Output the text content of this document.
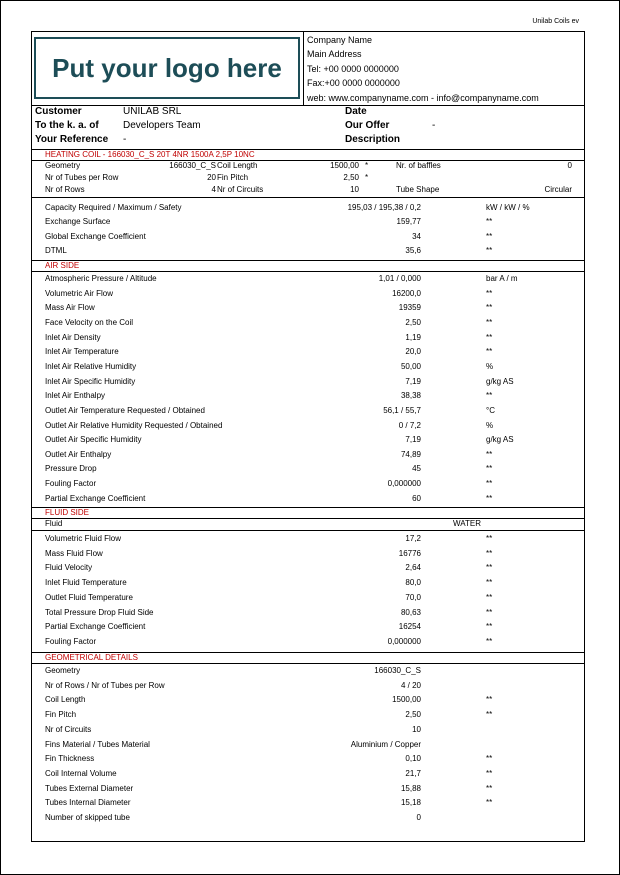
Unilab Coils ev
Put your logo here
Company Name
Main Address
Tel: +00 0000 0000000
Fax:+00 0000 0000000
web: www.companyname.com - info@companyname.com
Customer	UNILAB SRL
To the k. a. of Developers Team
Your Reference -
Date
Our Offer	-
Description
HEATING COIL - 166030_C_S 20T 4NR 1500A 2,5P 10NC
Geometry	166030_C_S Coil Length	1500,00 *	Nr. of baffles	0
Nr of Tubes per Row	20 Fin Pitch	2,50 *
Nr of Rows	4 Nr of Circuits	10	Tube Shape	Circular
Capacity Required / Maximum / Safety	195,03 / 195,38 / 0,2	kW / kW / %
Exchange Surface	159,77	**
Global Exchange Coefficient	34	**
DTML	35,6	**
AIR SIDE
Atmospheric Pressure / Altitude	1,01 / 0,000	bar A / m
Volumetric Air Flow	16200,0	**
Mass Air Flow	19359	**
Face Velocity on the Coil	2,50	**
Inlet Air Density	1,19	**
Inlet Air Temperature	20,0	**
Inlet Air Relative Humidity	50,00	%
Inlet Air Specific Humidity	7,19	g/kg AS
Inlet Air Enthalpy	38,38	**
Outlet Air Temperature Requested / Obtained	56,1 / 55,7	°C
Outlet Air Relative Humidity Requested / Obtained	0 / 7,2	%
Outlet Air Specific Humidity	7,19	g/kg AS
Outlet Air Enthalpy	74,89	**
Pressure Drop	45	**
Fouling Factor	0,000000	**
Partial Exchange Coefficient	60	**
FLUID SIDE
Fluid	WATER
Volumetric Fluid Flow	17,2	**
Mass Fluid Flow	16776	**
Fluid Velocity	2,64	**
Inlet Fluid Temperature	80,0	**
Outlet Fluid Temperature	70,0	**
Total Pressure Drop Fluid Side	80,63	**
Partial Exchange Coefficient	16254	**
Fouling Factor	0,000000	**
GEOMETRICAL DETAILS
Geometry	166030_C_S
Nr of Rows / Nr of Tubes per Row	4 / 20
Coil Length	1500,00	**
Fin Pitch	2,50	**
Nr of Circuits	10
Fins Material / Tubes Material	Aluminium / Copper
Fin Thickness	0,10	**
Coil Internal Volume	21,7	**
Tubes External Diameter	15,88	**
Tubes Internal Diameter	15,18	**
Number of skipped tube	0
